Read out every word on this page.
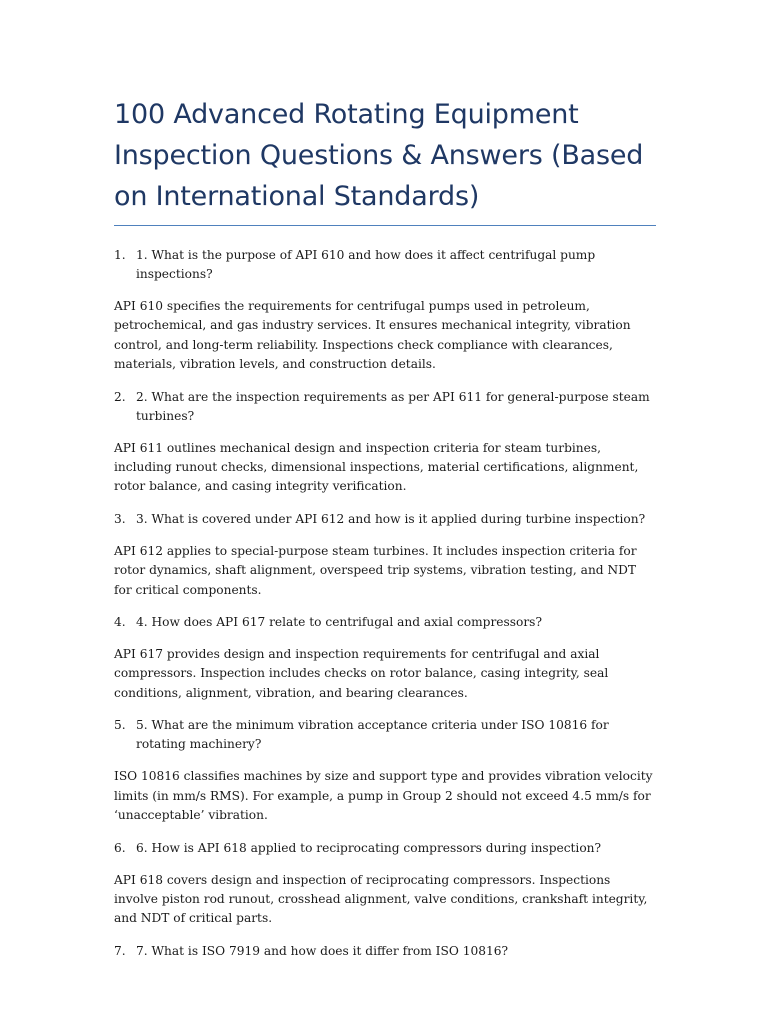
100 Advanced Rotating Equipment Inspection Questions & Answers (Based on International Standards)

1. 1. What is the purpose of API 610 and how does it affect centrifugal pump inspections?

API 610 specifies the requirements for centrifugal pumps used in petroleum, petrochemical, and gas industry services. It ensures mechanical integrity, vibration control, and long-term reliability. Inspections check compliance with clearances, materials, vibration levels, and construction details.

2. 2. What are the inspection requirements as per API 611 for general-purpose steam turbines?

API 611 outlines mechanical design and inspection criteria for steam turbines, including runout checks, dimensional inspections, material certifications, alignment, rotor balance, and casing integrity verification.

3. 3. What is covered under API 612 and how is it applied during turbine inspection?

API 612 applies to special-purpose steam turbines. It includes inspection criteria for rotor dynamics, shaft alignment, overspeed trip systems, vibration testing, and NDT for critical components.

4. 4. How does API 617 relate to centrifugal and axial compressors?

API 617 provides design and inspection requirements for centrifugal and axial compressors. Inspection includes checks on rotor balance, casing integrity, seal conditions, alignment, vibration, and bearing clearances.

5. 5. What are the minimum vibration acceptance criteria under ISO 10816 for rotating machinery?

ISO 10816 classifies machines by size and support type and provides vibration velocity limits (in mm/s RMS). For example, a pump in Group 2 should not exceed 4.5 mm/s for ‘unacceptable’ vibration.

6. 6. How is API 618 applied to reciprocating compressors during inspection?

API 618 covers design and inspection of reciprocating compressors. Inspections involve piston rod runout, crosshead alignment, valve conditions, crankshaft integrity, and NDT of critical parts.

7. 7. What is ISO 7919 and how does it differ from ISO 10816?
